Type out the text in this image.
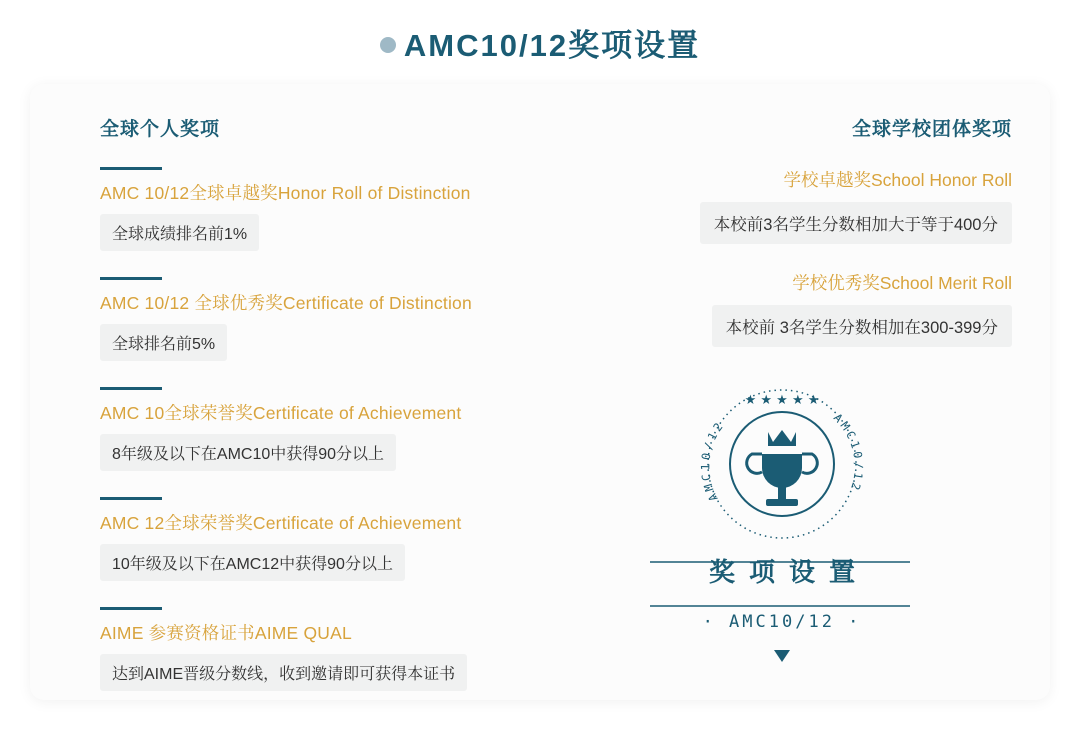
AMC10/12奖项设置
全球个人奖项
AMC 10/12全球卓越奖Honor Roll of Distinction
全球成绩排名前1%
AMC 10/12 全球优秀奖Certificate of Distinction
全球排名前5%
AMC 10全球荣誉奖Certificate of Achievement
8年级及以下在AMC10中获得90分以上
AMC 12全球荣誉奖Certificate of Achievement
10年级及以下在AMC12中获得90分以上
AIME 参赛资格证书AIME QUAL
达到AIME晋级分数线，收到邀请即可获得本证书
全球学校团体奖项
学校卓越奖School Honor Roll
本校前3名学生分数相加大于等于400分
学校优秀奖School Merit Roll
本校前 3名学生分数相加在300-399分
★ ★ ★ ★ ★
AMC10/12	AMC10/12
奖项设置
· AMC10/12 ·
